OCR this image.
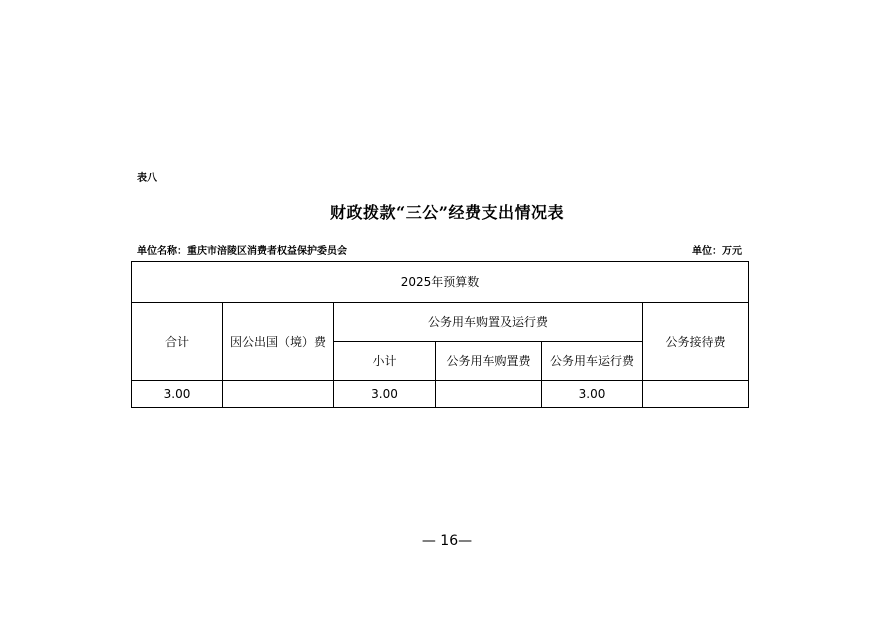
表八
财政拨款“三公”经费支出情况表
单位名称：重庆市涪陵区消费者权益保护委员会	单位：万元
2025年预算数					
合计	因公出国（境）费	公务用车购置及运行费			公务接待费
		小计	公务用车购置费	公务用车运行费	
3.00		3.00		3.00	
— 16—
